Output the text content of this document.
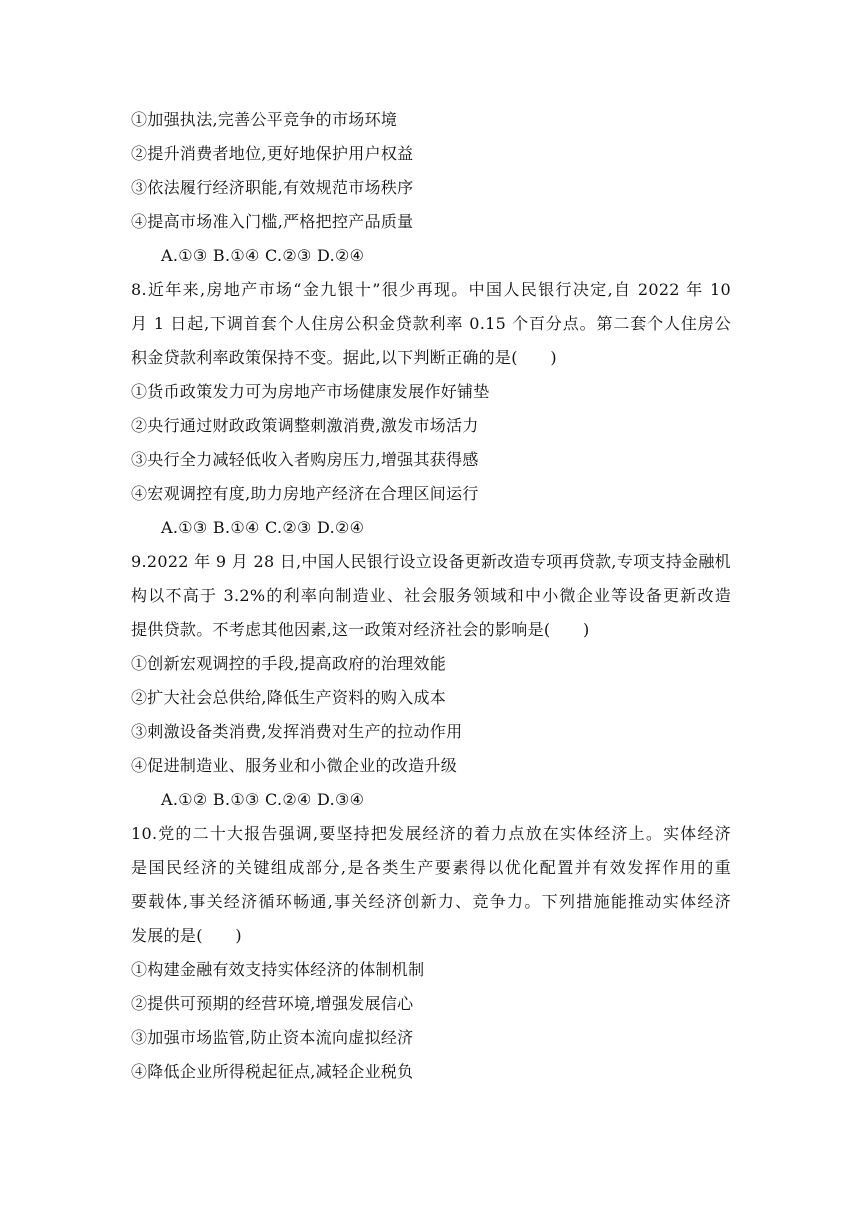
①加强执法,完善公平竞争的市场环境
②提升消费者地位,更好地保护用户权益
③依法履行经济职能,有效规范市场秩序
④提高市场准入门槛,严格把控产品质量
A.①③ B.①④ C.②③ D.②④
8.近年来,房地产市场“金九银十”很少再现。中国人民银行决定,自 2022 年 10
月 1 日起,下调首套个人住房公积金贷款利率 0.15 个百分点。第二套个人住房公
积金贷款利率政策保持不变。据此,以下判断正确的是(　　)
①货币政策发力可为房地产市场健康发展作好铺垫
②央行通过财政政策调整刺激消费,激发市场活力
③央行全力减轻低收入者购房压力,增强其获得感
④宏观调控有度,助力房地产经济在合理区间运行
A.①③ B.①④ C.②③ D.②④
9.2022 年 9 月 28 日,中国人民银行设立设备更新改造专项再贷款,专项支持金融机
构以不高于 3.2%的利率向制造业、社会服务领域和中小微企业等设备更新改造
提供贷款。不考虑其他因素,这一政策对经济社会的影响是(　　)
①创新宏观调控的手段,提高政府的治理效能
②扩大社会总供给,降低生产资料的购入成本
③刺激设备类消费,发挥消费对生产的拉动作用
④促进制造业、服务业和小微企业的改造升级
A.①② B.①③ C.②④ D.③④
10.党的二十大报告强调,要坚持把发展经济的着力点放在实体经济上。实体经济
是国民经济的关键组成部分,是各类生产要素得以优化配置并有效发挥作用的重
要载体,事关经济循环畅通,事关经济创新力、竞争力。下列措施能推动实体经济
发展的是(　　)
①构建金融有效支持实体经济的体制机制
②提供可预期的经营环境,增强发展信心
③加强市场监管,防止资本流向虚拟经济
④降低企业所得税起征点,减轻企业税负
